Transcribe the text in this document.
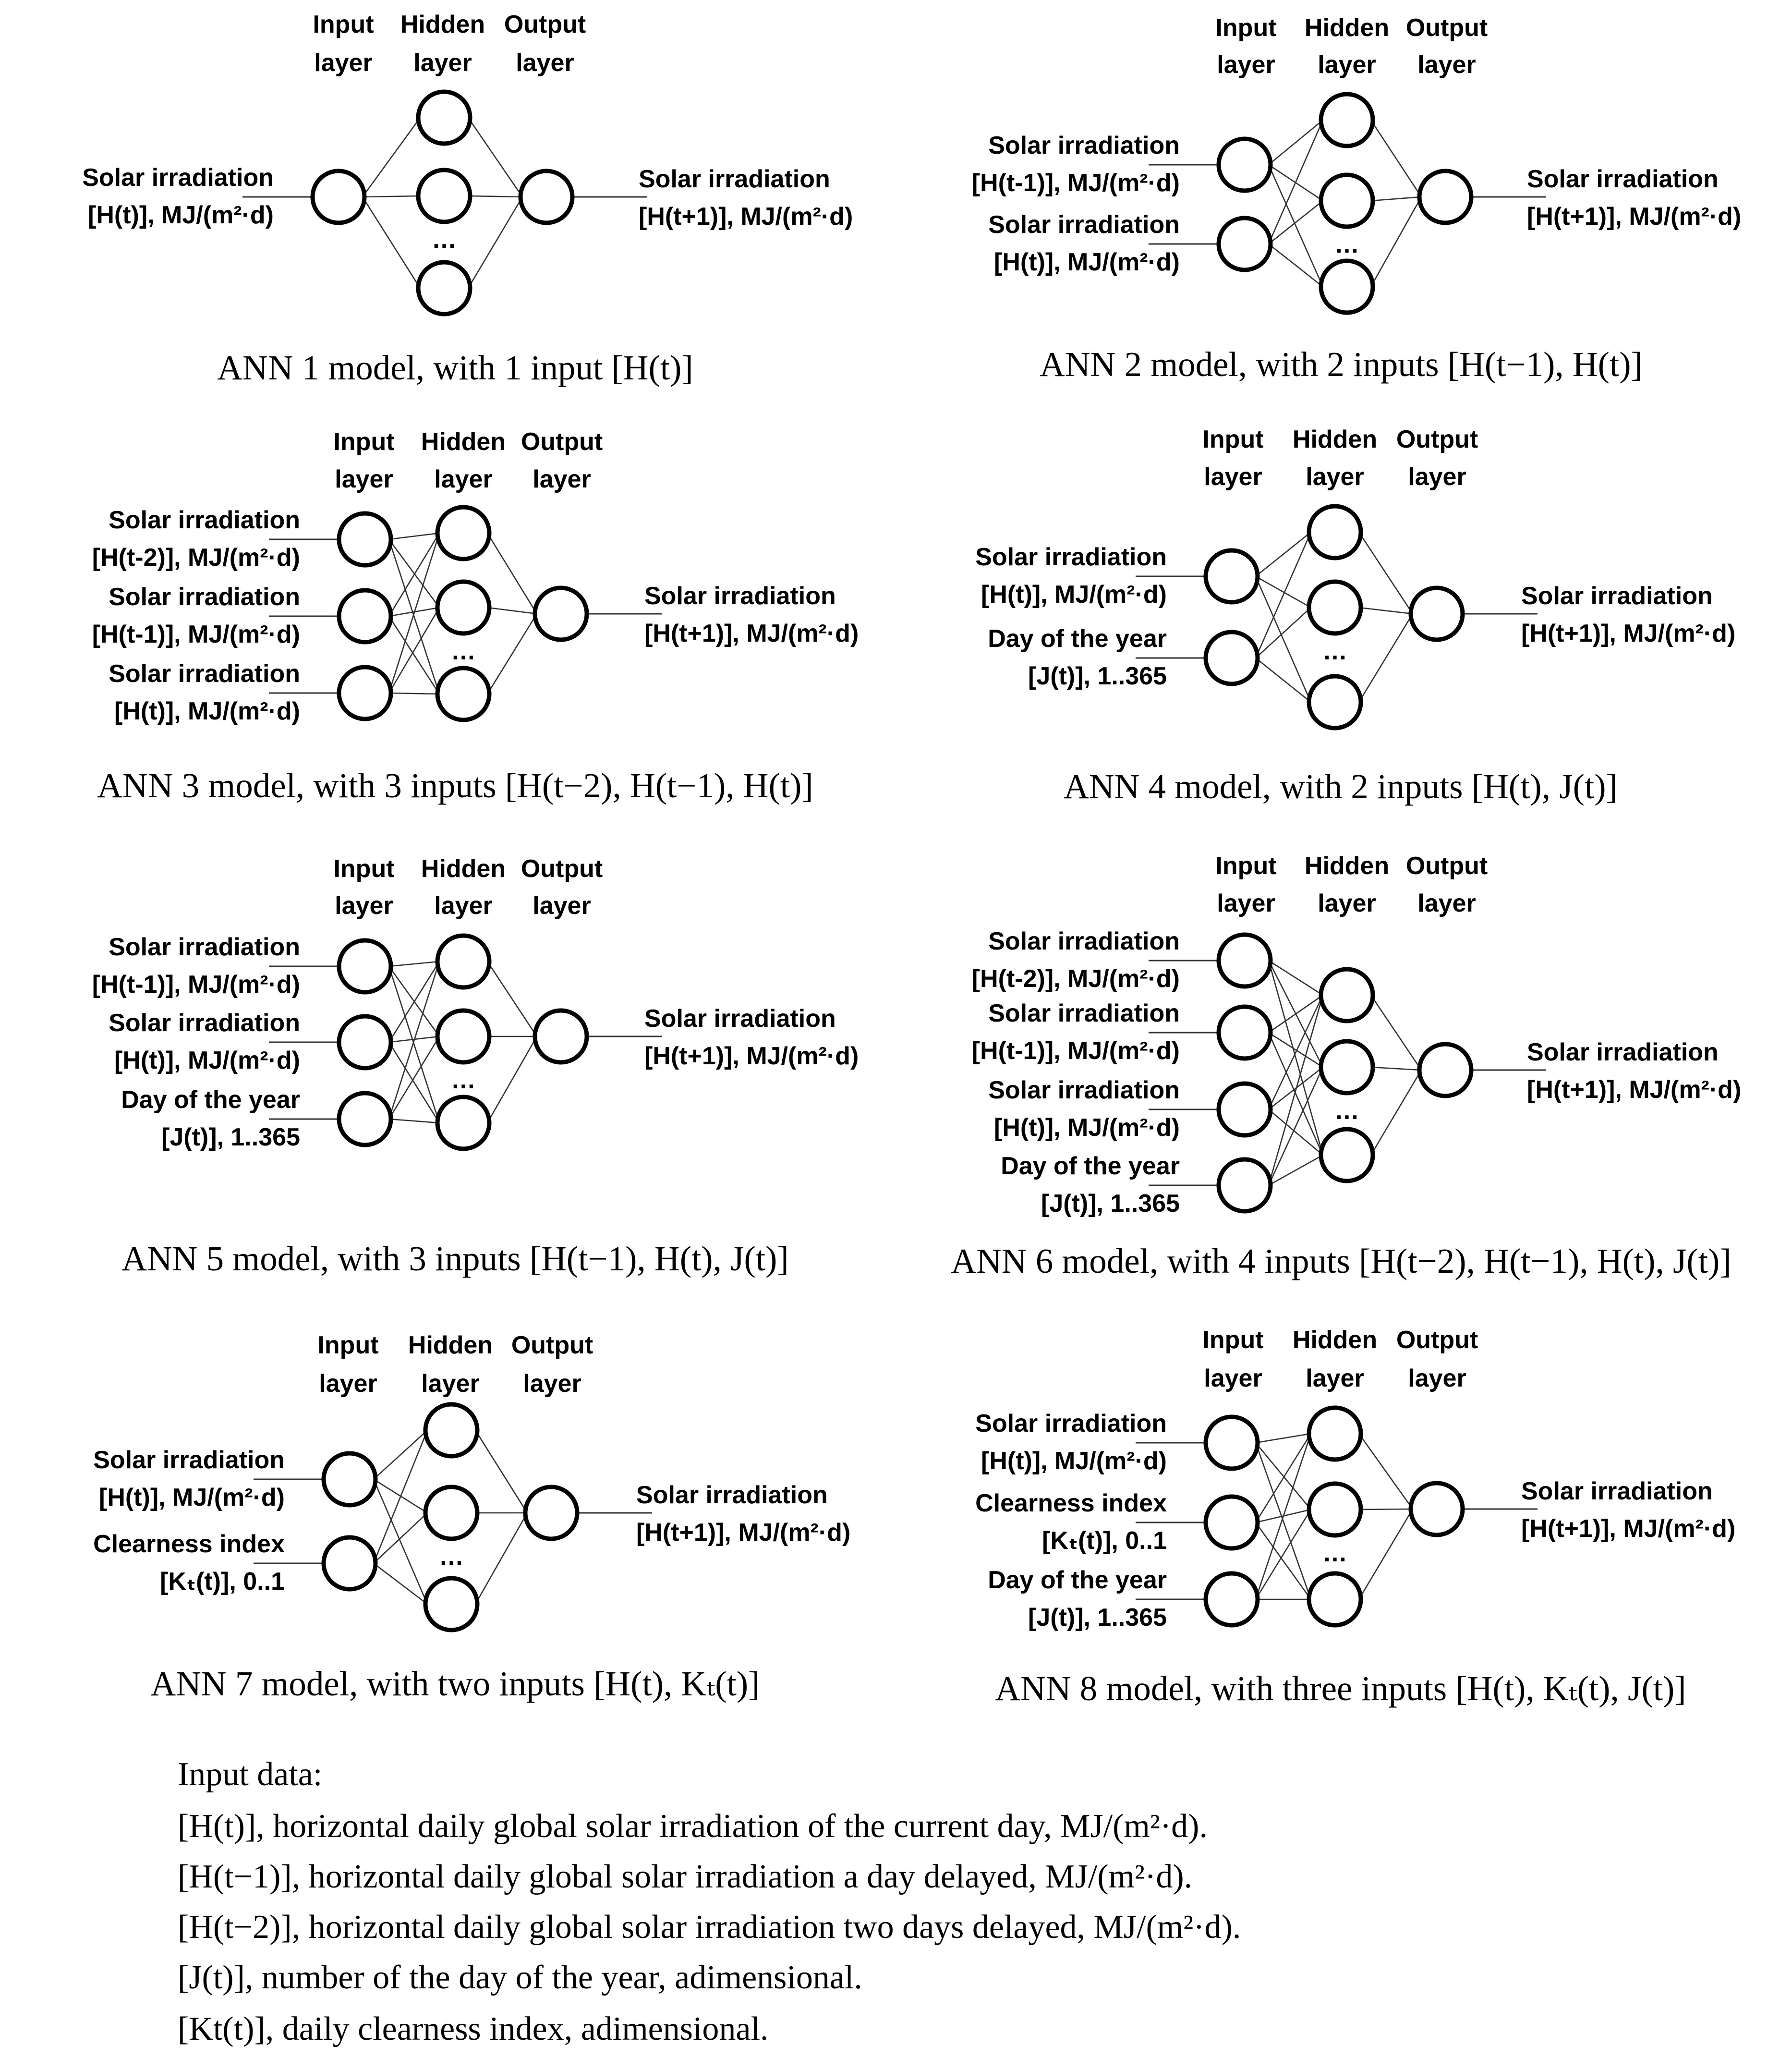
Input
layer
Hidden
layer
Output
layer
Solar irradiation
[H(t)], MJ/(m²·d)
Solar irradiation
[H(t+1)], MJ/(m²·d)
…
ANN 1 model, with 1 input [H(t)]
Input
layer
Hidden
layer
Output
layer
Solar irradiation
[H(t-1)], MJ/(m²·d)
Solar irradiation
[H(t)], MJ/(m²·d)
Solar irradiation
[H(t+1)], MJ/(m²·d)
…
ANN 2 model, with 2 inputs [H(t−1), H(t)]
Input
layer
Hidden
layer
Output
layer
Solar irradiation
[H(t-2)], MJ/(m²·d)
Solar irradiation
[H(t-1)], MJ/(m²·d)
Solar irradiation
[H(t)], MJ/(m²·d)
Solar irradiation
[H(t+1)], MJ/(m²·d)
…
ANN 3 model, with 3 inputs [H(t−2), H(t−1), H(t)]
Input
layer
Hidden
layer
Output
layer
Solar irradiation
[H(t)], MJ/(m²·d)
Day of the year
[J(t)], 1..365
Solar irradiation
[H(t+1)], MJ/(m²·d)
…
ANN 4 model, with 2 inputs [H(t), J(t)]
Input
layer
Hidden
layer
Output
layer
Solar irradiation
[H(t-1)], MJ/(m²·d)
Solar irradiation
[H(t)], MJ/(m²·d)
Day of the year
[J(t)], 1..365
Solar irradiation
[H(t+1)], MJ/(m²·d)
…
ANN 5 model, with 3 inputs [H(t−1), H(t), J(t)]
Input
layer
Hidden
layer
Output
layer
Solar irradiation
[H(t-2)], MJ/(m²·d)
Solar irradiation
[H(t-1)], MJ/(m²·d)
Solar irradiation
[H(t)], MJ/(m²·d)
Day of the year
[J(t)], 1..365
Solar irradiation
[H(t+1)], MJ/(m²·d)
…
ANN 6 model, with 4 inputs [H(t−2), H(t−1), H(t), J(t)]
Input
layer
Hidden
layer
Output
layer
Solar irradiation
[H(t)], MJ/(m²·d)
Clearness index
[Kₜ(t)], 0..1
Solar irradiation
[H(t+1)], MJ/(m²·d)
…
ANN 7 model, with two inputs [H(t), Kₜ(t)]
Input
layer
Hidden
layer
Output
layer
Solar irradiation
[H(t)], MJ/(m²·d)
Clearness index
[Kₜ(t)], 0..1
Day of the year
[J(t)], 1..365
Solar irradiation
[H(t+1)], MJ/(m²·d)
…
ANN 8 model, with three inputs [H(t), Kₜ(t), J(t)]
Input data:
[H(t)], horizontal daily global solar irradiation of the current day, MJ/(m²·d).
[H(t−1)], horizontal daily global solar irradiation a day delayed, MJ/(m²·d).
[H(t−2)], horizontal daily global solar irradiation two days delayed, MJ/(m²·d).
[J(t)], number of the day of the year, adimensional.
[Kt(t)], daily clearness index, adimensional.
